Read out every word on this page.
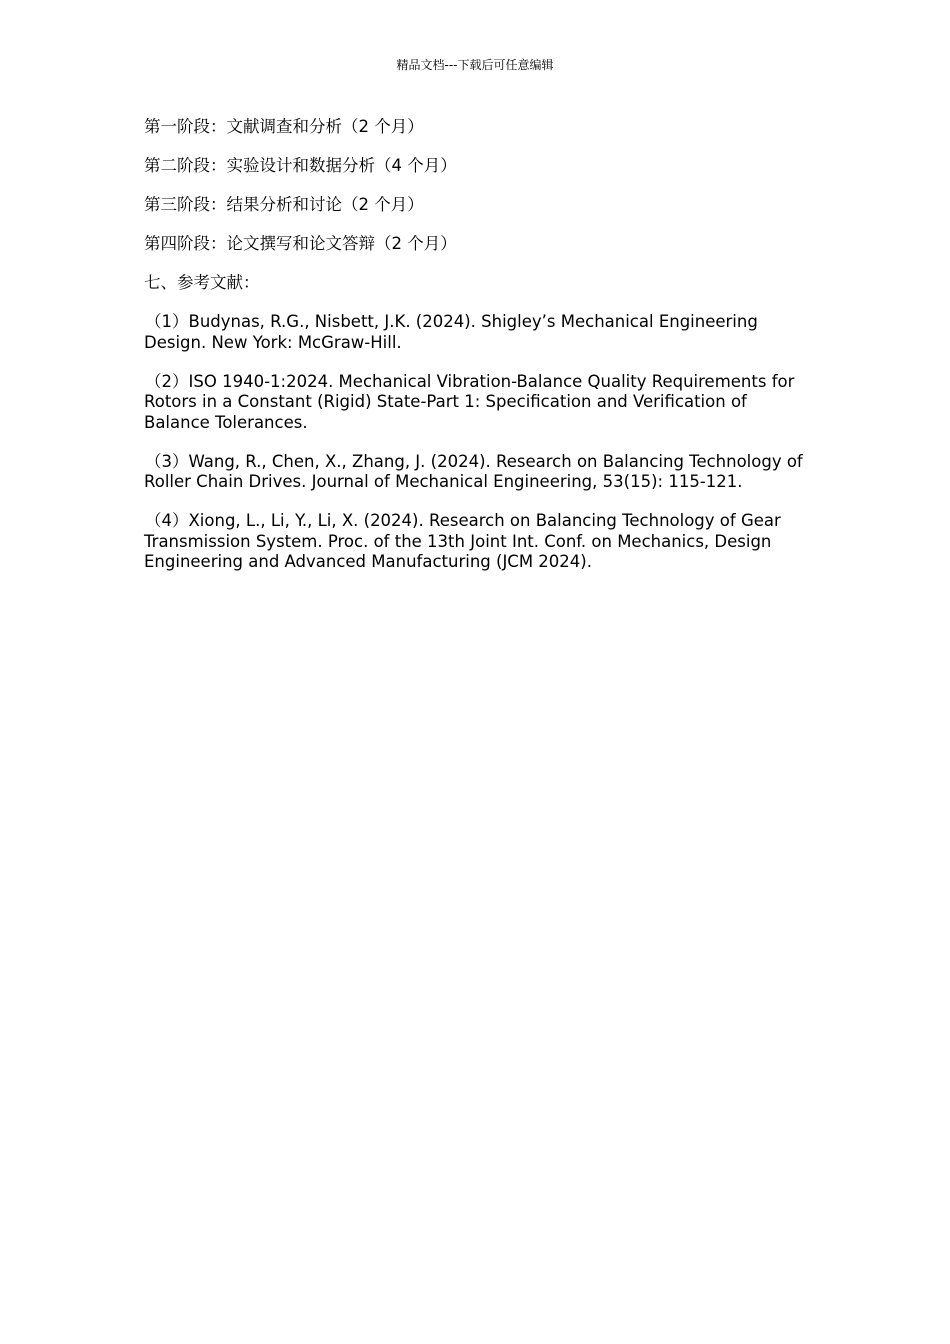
精品文档---下载后可任意编辑

第一阶段：文献调查和分析（2 个月）

第二阶段：实验设计和数据分析（4 个月）

第三阶段：结果分析和讨论（2 个月）

第四阶段：论文撰写和论文答辩（2 个月）

七、参考文献：

（1）Budynas, R.G., Nisbett, J.K. (2024). Shigley’s Mechanical Engineering Design. New York: McGraw-Hill.

（2）ISO 1940-1:2024. Mechanical Vibration-Balance Quality Requirements for Rotors in a Constant (Rigid) State-Part 1: Specification and Verification of Balance Tolerances.

（3）Wang, R., Chen, X., Zhang, J. (2024). Research on Balancing Technology of Roller Chain Drives. Journal of Mechanical Engineering, 53(15): 115-121.

（4）Xiong, L., Li, Y., Li, X. (2024). Research on Balancing Technology of Gear Transmission System. Proc. of the 13th Joint Int. Conf. on Mechanics, Design Engineering and Advanced Manufacturing (JCM 2024).
